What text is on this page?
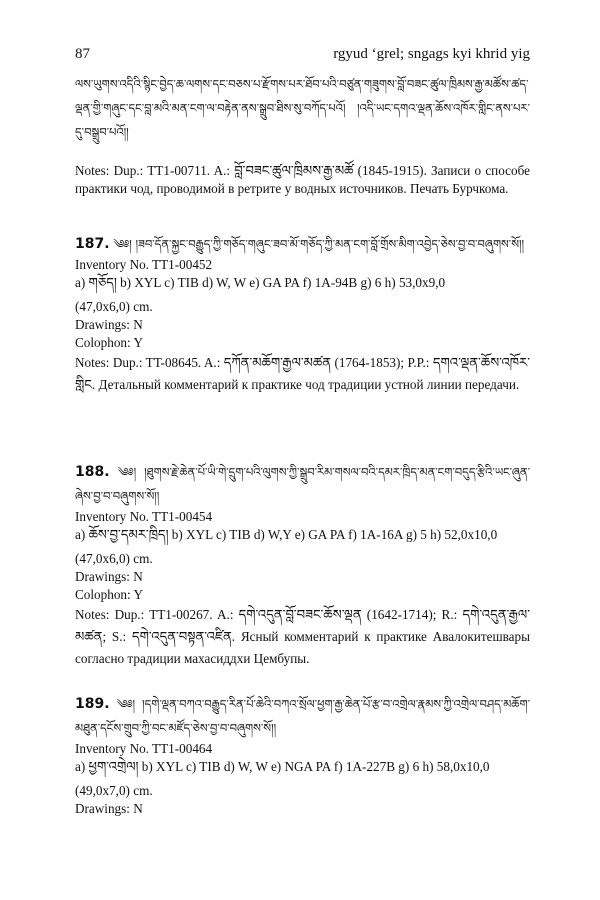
87	rgyud ‘grel; sngags kyi khrid yig
ལས་ཡུགས་འདིའི་སྙིང་བྱེད་ཆ་ལགས་དང་བཅས་པ་རྫོགས་པར་ཐོབ་པའི་བཙུན་གཟུགས་བློ་བཟང་ཚུལ་ཁྲིམས་རྒྱ་མཚོས་ཚད་ལྡན་གྱི་གཞུང་དང་བླ་མའི་མན་ངག་ལ་བརྟེན་ནས་སྒྲུབ་ཐིས་སུ་བཀོད་པའོ། །འདི་ཡང་དགའ་ལྡན་ཆོས་འཁོར་གླིང་ནས་པར་དུ་བསྒྲུབ་པའོ།།
Notes: Dup.: TT1-00711. A.: བློ་བཟང་ཚུལ་ཁྲིམས་རྒྱ་མཚོ (1845-1915). Записи о способе практики чод, проводимой в ретрите у водных источников. Печать Бурчкома.
187. ༄༅། །ཟབ་དོན་སྐྱང་བརྒྱུད་ཀྱི་གཅོད་གཞུང་ཟབ་མོ་གཅོད་ཀྱི་མན་ངག་བློ་གྲོས་མིག་འབྱེད་ཅེས་བྱ་བ་བཞུགས་སོ།།
Inventory No. TT1-00452
a) གཅོད། b) XYL c) TIB d) W, W e) GA PA f) 1A-94B g) 6 h) 53,0x9,0
(47,0x6,0) cm.
Drawings: N
Colophon: Y
Notes: Dup.: TT-08645. A.: དཀོན་མཆོག་རྒྱལ་མཚན (1764-1853); P.P.: དགའ་ལྡན་ཆོས་འཁོར་གླིང. Детальный комментарий к практике чод традиции устной линии передачи.
188. ༄༅། །ཐུགས་རྗེ་ཆེན་པོ་ཡི་གེ་དྲུག་པའི་ལུགས་ཀྱི་སྒྲུབ་རིམ་གསལ་བའི་དམར་ཁྲིད་མན་ངག་བདུད་རྩིའི་ཡང་ཞུན་ཞེས་བྱ་བ་བཞུགས་སོ།།
Inventory No. TT1-00454
a) ཆོས་བྱ་དམར་ཁྲིད། b) XYL c) TIB d) W,Y e) GA PA f) 1A-16A g) 5 h) 52,0x10,0
(47,0x6,0) cm.
Drawings: N
Colophon: Y
Notes: Dup.: TT1-00267. A.: དགེ་འདུན་བློ་བཟང་ཆོས་ལྡན (1642-1714); R.: དགེ་འདུན་རྒྱལ་མཚན; S.: དགེ་འདུན་བསྟན་འཛིན. Ясный комментарий к практике Авалокитешвары согласно традиции махасиддхи Цембупы.
189. ༄༅། །དགེ་ལྡན་བཀའ་བརྒྱུད་རིན་པོ་ཆེའི་བཀའ་སྲོལ་ཕྱག་རྒྱ་ཆེན་པོ་རྩ་བ་འགྲེལ་རྣམས་ཀྱི་འགྲེལ་བཤད་མཆོག་མཐུན་དངོས་གྲུབ་ཀྱི་བང་མཛོད་ཅེས་བྱ་བ་བཞུགས་སོ།།
Inventory No. TT1-00464
a) ཕྱག་འགྲེལ། b) XYL c) TIB d) W, W e) NGA PA f) 1A-227B g) 6 h) 58,0x10,0
(49,0x7,0) cm.
Drawings: N
